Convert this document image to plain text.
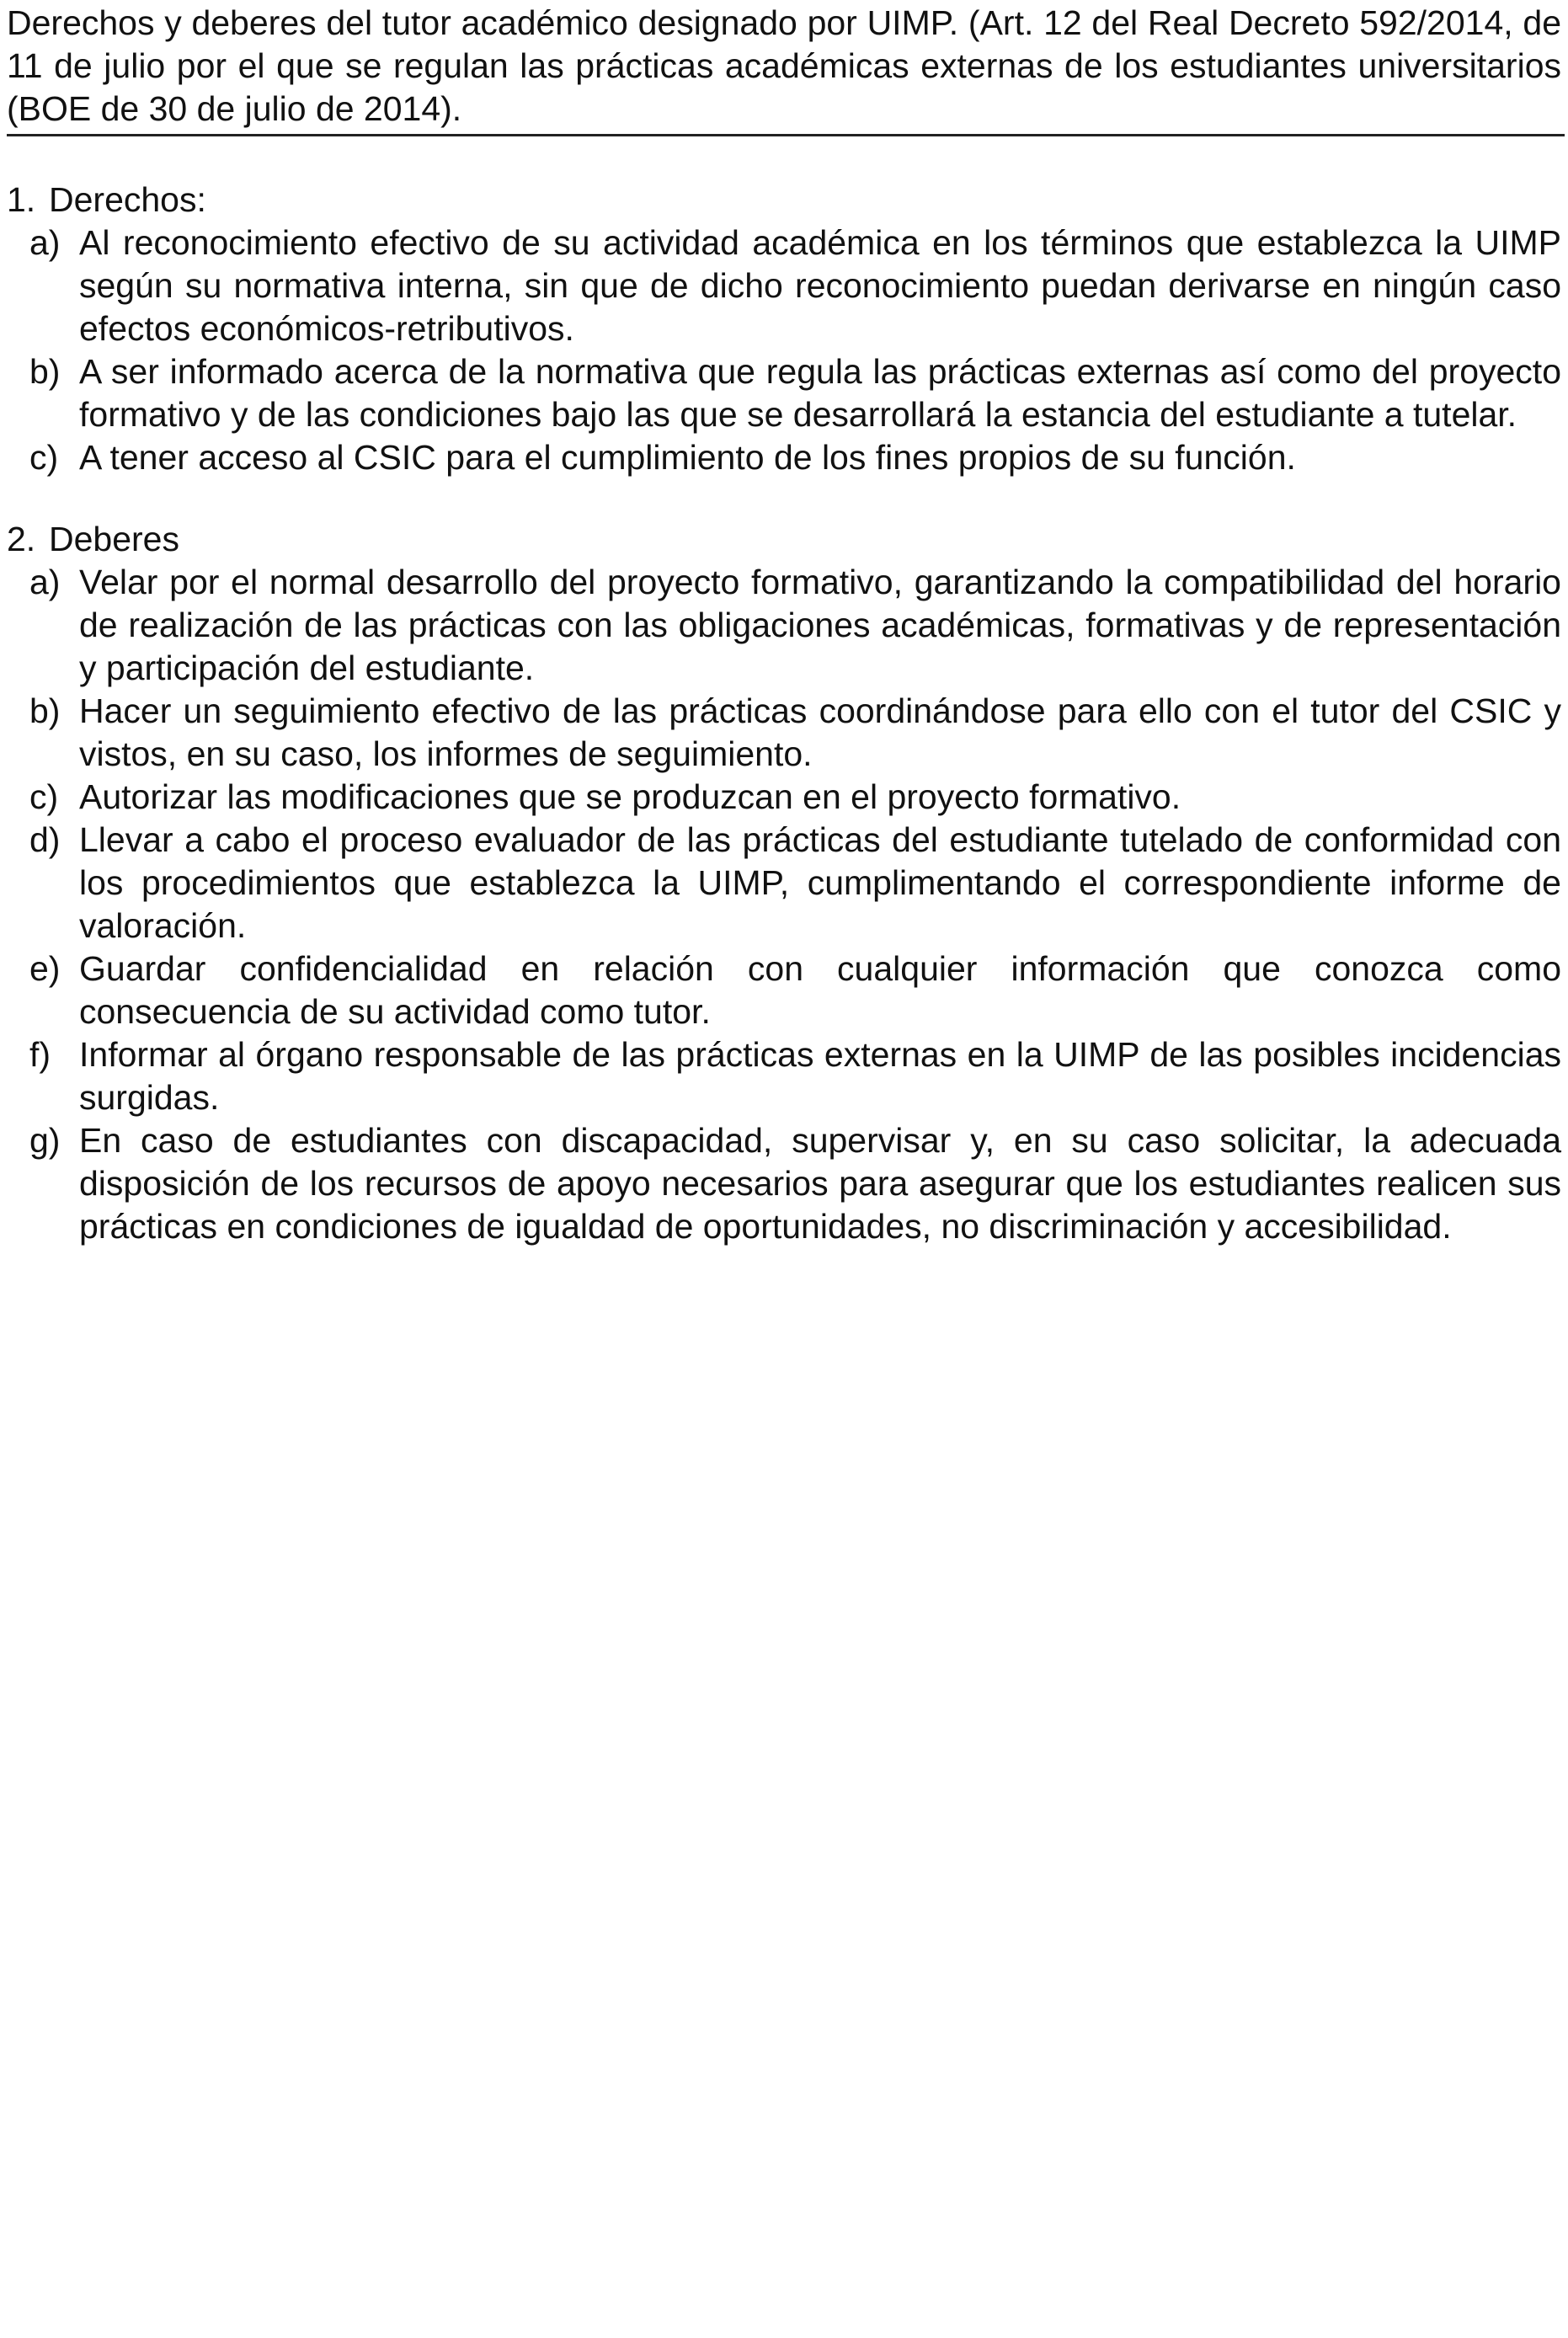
Derechos y deberes del tutor académico designado por UIMP. (Art. 12 del Real Decreto 592/2014, de 11 de julio por el que se regulan las prácticas académicas externas de los estudiantes universitarios (BOE de 30 de julio de 2014).
1. Derechos:
a) Al reconocimiento efectivo de su actividad académica en los términos que establezca la UIMP según su normativa interna, sin que de dicho reconocimiento puedan derivarse en ningún caso efectos económicos-retributivos.
b) A ser informado acerca de la normativa que regula las prácticas externas así como del proyecto formativo y de las condiciones bajo las que se desarrollará la estancia del estudiante a tutelar.
c) A tener acceso al CSIC para el cumplimiento de los fines propios de su función.
2. Deberes
a) Velar por el normal desarrollo del proyecto formativo, garantizando la compatibilidad del horario de realización de las prácticas con las obligaciones académicas, formativas y de representación y participación del estudiante.
b) Hacer un seguimiento efectivo de las prácticas coordinándose para ello con el tutor del CSIC y vistos, en su caso, los informes de seguimiento.
c) Autorizar las modificaciones que se produzcan en el proyecto formativo.
d) Llevar a cabo el proceso evaluador de las prácticas del estudiante tutelado de conformidad con los procedimientos que establezca la UIMP, cumplimentando el correspondiente informe de valoración.
e) Guardar confidencialidad en relación con cualquier información que conozca como consecuencia de su actividad como tutor.
f) Informar al órgano responsable de las prácticas externas en la UIMP de las posibles incidencias surgidas.
g) En caso de estudiantes con discapacidad, supervisar y, en su caso solicitar, la adecuada disposición de los recursos de apoyo necesarios para asegurar que los estudiantes realicen sus prácticas en condiciones de igualdad de oportunidades, no discriminación y accesibilidad.
